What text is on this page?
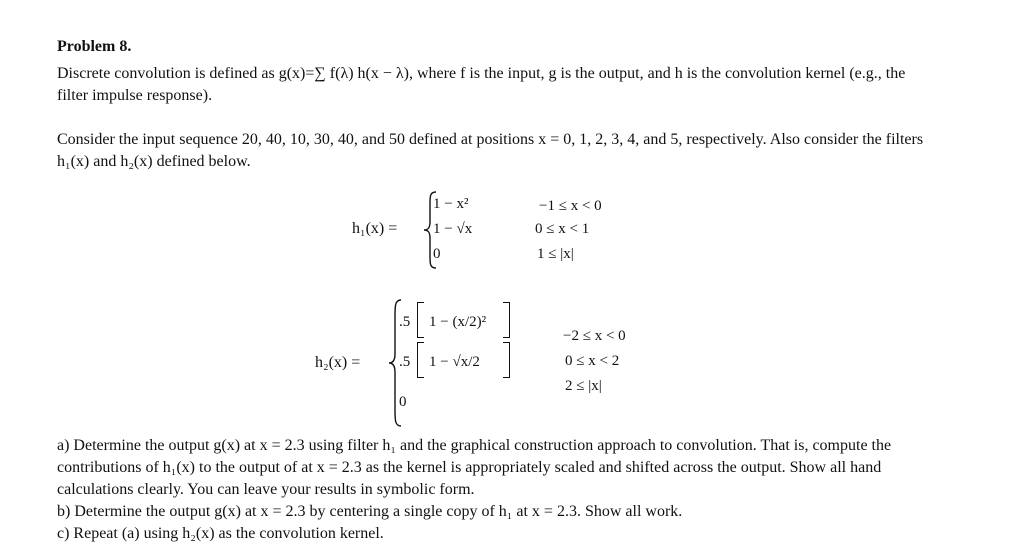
Problem 8.
Discrete convolution is defined as g(x)=∑ f(λ) h(x − λ), where f is the input, g is the output, and h is the convolution kernel (e.g., the filter impulse response).
Consider the input sequence 20, 40, 10, 30, 40, and 50 defined at positions x = 0, 1, 2, 3, 4, and 5, respectively. Also consider the filters h₁(x) and h₂(x) defined below.
h₁(x) =
1 − x²
1 − √x
0
−1 ≤ x < 0
0 ≤ x < 1
1 ≤ |x|
h₂(x) =
.5 1 − (x/2)²
.5 1 − √x/2
0
−2 ≤ x < 0
0 ≤ x < 2
2 ≤ |x|
a) Determine the output g(x) at x = 2.3 using filter h₁ and the graphical construction approach to convolution. That is, compute the contributions of h₁(x) to the output of at x = 2.3 as the kernel is appropriately scaled and shifted across the output. Show all hand calculations clearly. You can leave your results in symbolic form.
b) Determine the output g(x) at x = 2.3 by centering a single copy of h₁ at x = 2.3. Show all work.
c) Repeat (a) using h₂(x) as the convolution kernel.
